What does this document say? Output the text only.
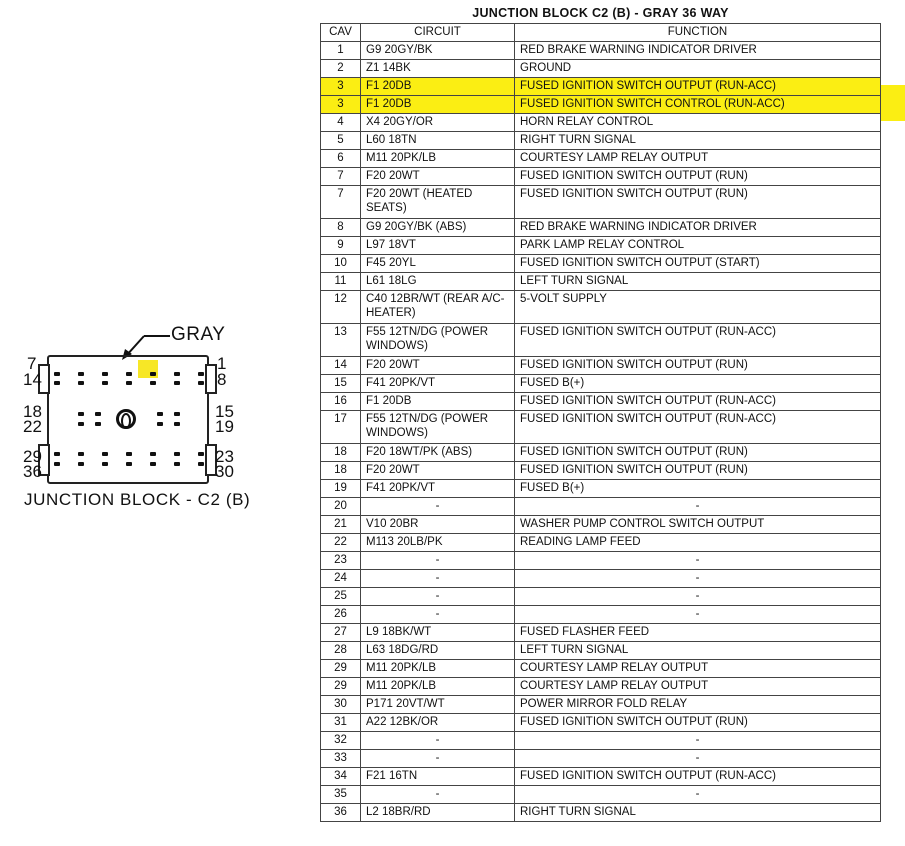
GRAY
7
14
1
8
18
22
15
19
29
36
23
30
JUNCTION BLOCK - C2 (B)
JUNCTION BLOCK C2 (B) - GRAY 36 WAY
CAV	CIRCUIT	FUNCTION
1	G9 20GY/BK	RED BRAKE WARNING INDICATOR DRIVER
2	Z1 14BK	GROUND
3	F1 20DB	FUSED IGNITION SWITCH OUTPUT (RUN-ACC)
3	F1 20DB	FUSED IGNITION SWITCH CONTROL (RUN-ACC)
4	X4 20GY/OR	HORN RELAY CONTROL
5	L60 18TN	RIGHT TURN SIGNAL
6	M11 20PK/LB	COURTESY LAMP RELAY OUTPUT
7	F20 20WT	FUSED IGNITION SWITCH OUTPUT (RUN)
7	F20 20WT (HEATED SEATS)	FUSED IGNITION SWITCH OUTPUT (RUN)
8	G9 20GY/BK (ABS)	RED BRAKE WARNING INDICATOR DRIVER
9	L97 18VT	PARK LAMP RELAY CONTROL
10	F45 20YL	FUSED IGNITION SWITCH OUTPUT (START)
11	L61 18LG	LEFT TURN SIGNAL
12	C40 12BR/WT (REAR A/C-HEATER)	5-VOLT SUPPLY
13	F55 12TN/DG (POWER WINDOWS)	FUSED IGNITION SWITCH OUTPUT (RUN-ACC)
14	F20 20WT	FUSED IGNITION SWITCH OUTPUT (RUN)
15	F41 20PK/VT	FUSED B(+)
16	F1 20DB	FUSED IGNITION SWITCH OUTPUT (RUN-ACC)
17	F55 12TN/DG (POWER WINDOWS)	FUSED IGNITION SWITCH OUTPUT (RUN-ACC)
18	F20 18WT/PK (ABS)	FUSED IGNITION SWITCH OUTPUT (RUN)
18	F20 20WT	FUSED IGNITION SWITCH OUTPUT (RUN)
19	F41 20PK/VT	FUSED B(+)
20	-	-
21	V10 20BR	WASHER PUMP CONTROL SWITCH OUTPUT
22	M113 20LB/PK	READING LAMP FEED
23	-	-
24	-	-
25	-	-
26	-	-
27	L9 18BK/WT	FUSED FLASHER FEED
28	L63 18DG/RD	LEFT TURN SIGNAL
29	M11 20PK/LB	COURTESY LAMP RELAY OUTPUT
29	M11 20PK/LB	COURTESY LAMP RELAY OUTPUT
30	P171 20VT/WT	POWER MIRROR FOLD RELAY
31	A22 12BK/OR	FUSED IGNITION SWITCH OUTPUT (RUN)
32	-	-
33	-	-
34	F21 16TN	FUSED IGNITION SWITCH OUTPUT (RUN-ACC)
35	-	-
36	L2 18BR/RD	RIGHT TURN SIGNAL
